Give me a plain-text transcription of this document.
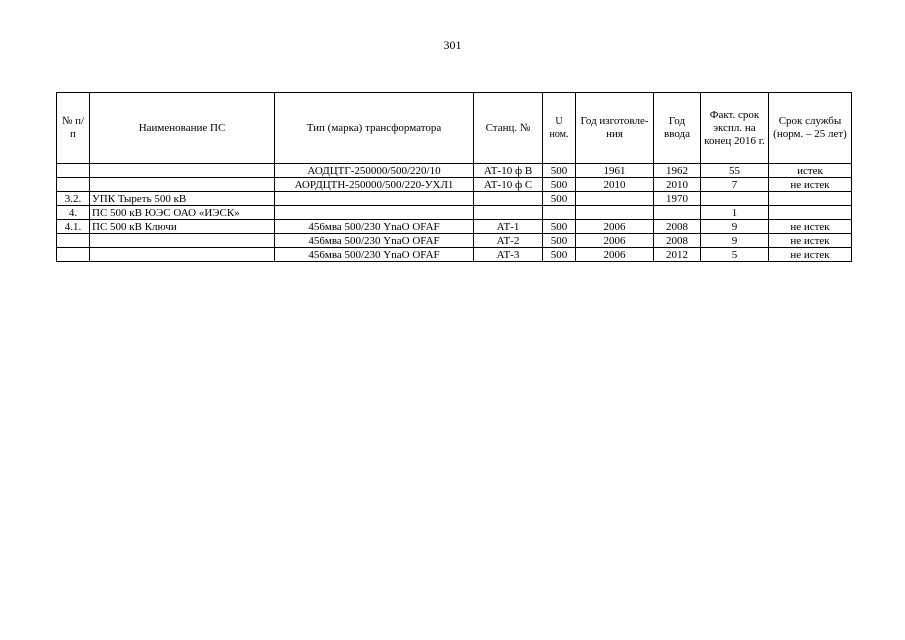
301
№ п/п	Наименование ПС	Тип (марка) трансформатора	Станц. №	U ном.	Год изготовле-ния	Год ввода	Факт. срок экспл. на конец 2016 г.	Срок службы (норм. – 25 лет)
		АОДЦТГ-250000/500/220/10	АТ-10 ф В	500	1961	1962	55	истек
		АОРДЦТН-250000/500/220-УХЛ1	АТ-10 ф С	500	2010	2010	7	не истек
3.2.	УПК Тыреть 500 кВ			500		1970		
4.	ПС 500 кВ ЮЭС ОАО «ИЭСК»						1	
4.1.	ПС 500 кВ Ключи	456мва 500/230 YnaO OFAF	АТ-1	500	2006	2008	9	не истек
		456мва 500/230 YnaO OFAF	АТ-2	500	2006	2008	9	не истек
		456мва 500/230 YnaO OFAF	АТ-3	500	2006	2012	5	не истек
